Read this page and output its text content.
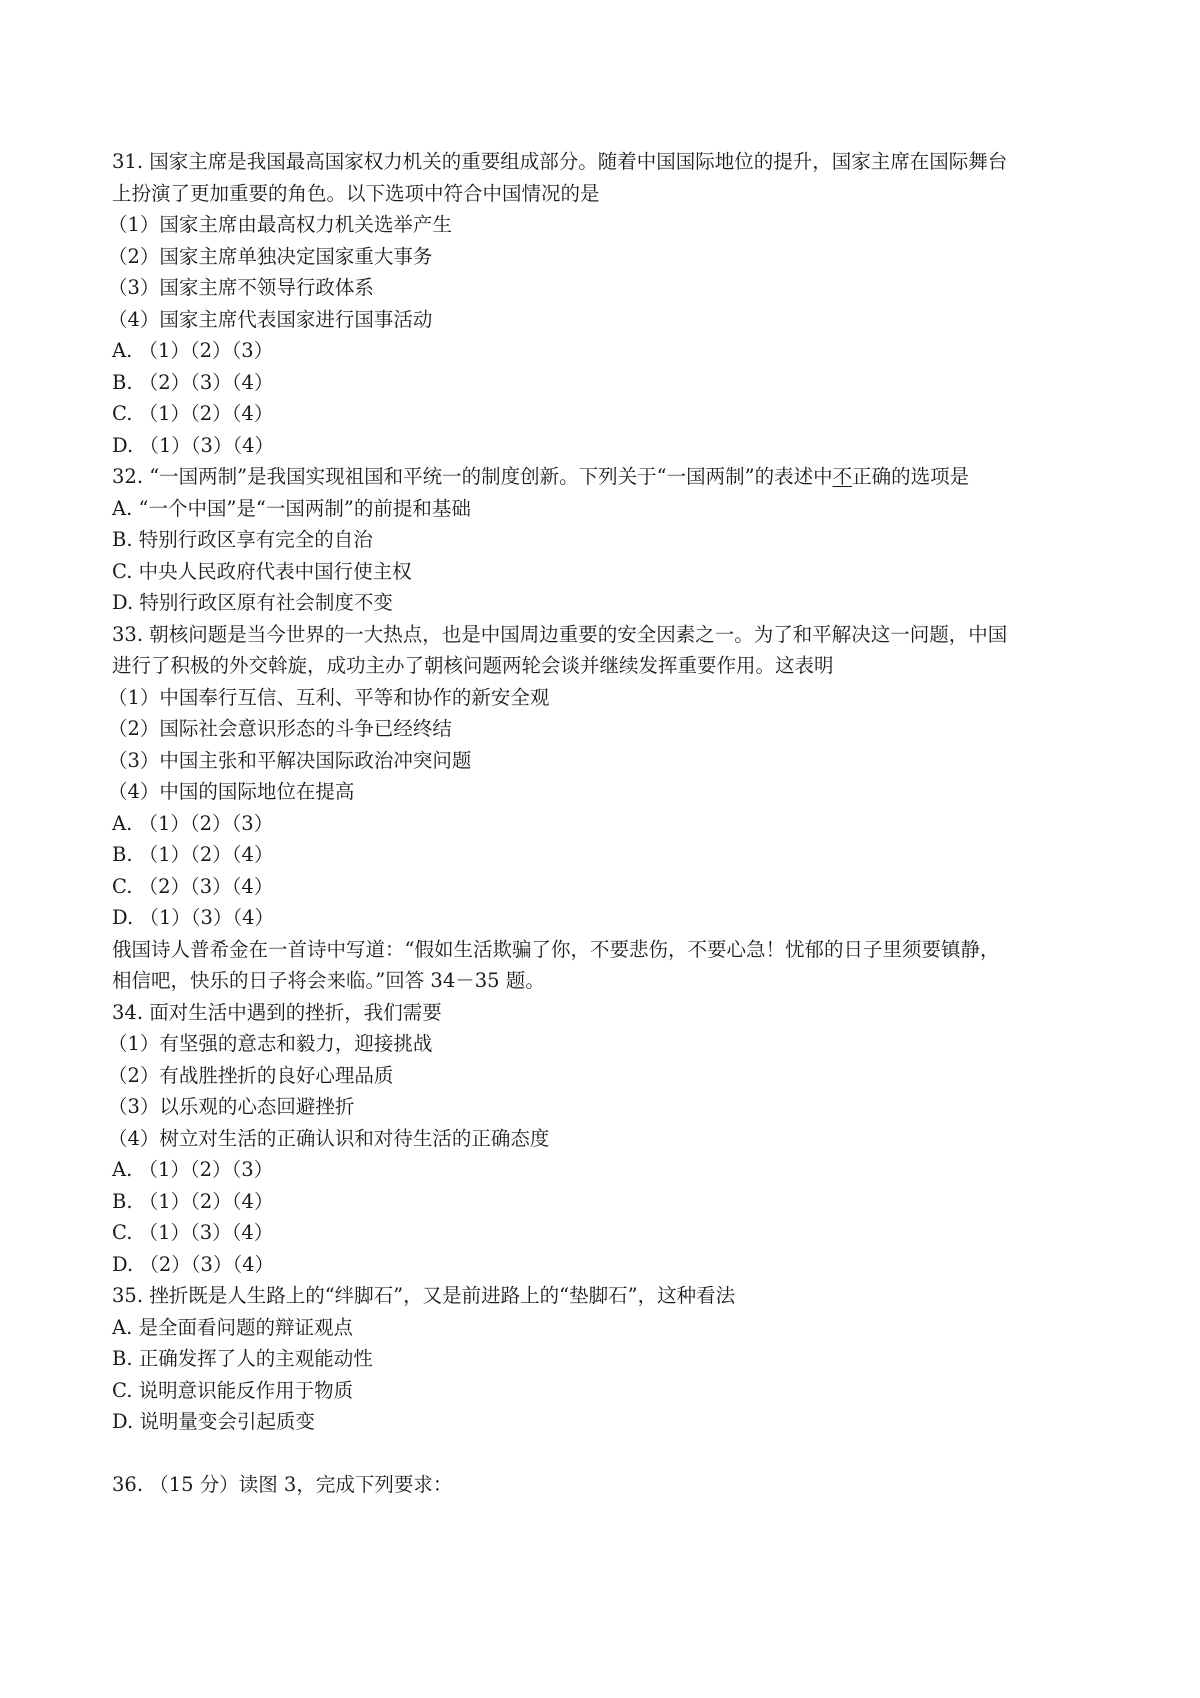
31. 国家主席是我国最高国家权力机关的重要组成部分。随着中国国际地位的提升，国家主席在国际舞台
上扮演了更加重要的角色。以下选项中符合中国情况的是
（1）国家主席由最高权力机关选举产生
（2）国家主席单独决定国家重大事务
（3）国家主席不领导行政体系
（4）国家主席代表国家进行国事活动
A. （1）（2）（3）
B. （2）（3）（4）
C. （1）（2）（4）
D. （1）（3）（4）
32. “一国两制”是我国实现祖国和平统一的制度创新。下列关于“一国两制”的表述中不正确的选项是
A. “一个中国”是“一国两制”的前提和基础
B. 特别行政区享有完全的自治
C. 中央人民政府代表中国行使主权
D. 特别行政区原有社会制度不变
33. 朝核问题是当今世界的一大热点，也是中国周边重要的安全因素之一。为了和平解决这一问题，中国
进行了积极的外交斡旋，成功主办了朝核问题两轮会谈并继续发挥重要作用。这表明
（1）中国奉行互信、互利、平等和协作的新安全观
（2）国际社会意识形态的斗争已经终结
（3）中国主张和平解决国际政治冲突问题
（4）中国的国际地位在提高
A. （1）（2）（3）
B. （1）（2）（4）
C. （2）（3）（4）
D. （1）（3）（4）
俄国诗人普希金在一首诗中写道：“假如生活欺骗了你，不要悲伤，不要心急！忧郁的日子里须要镇静，
相信吧，快乐的日子将会来临。”回答 34－35 题。
34. 面对生活中遇到的挫折，我们需要
（1）有坚强的意志和毅力，迎接挑战
（2）有战胜挫折的良好心理品质
（3）以乐观的心态回避挫折
（4）树立对生活的正确认识和对待生活的正确态度
A. （1）（2）（3）
B. （1）（2）（4）
C. （1）（3）（4）
D. （2）（3）（4）
35. 挫折既是人生路上的“绊脚石”，又是前进路上的“垫脚石”，这种看法
A. 是全面看问题的辩证观点
B. 正确发挥了人的主观能动性
C. 说明意识能反作用于物质
D. 说明量变会引起质变
36. （15 分）读图 3，完成下列要求：
